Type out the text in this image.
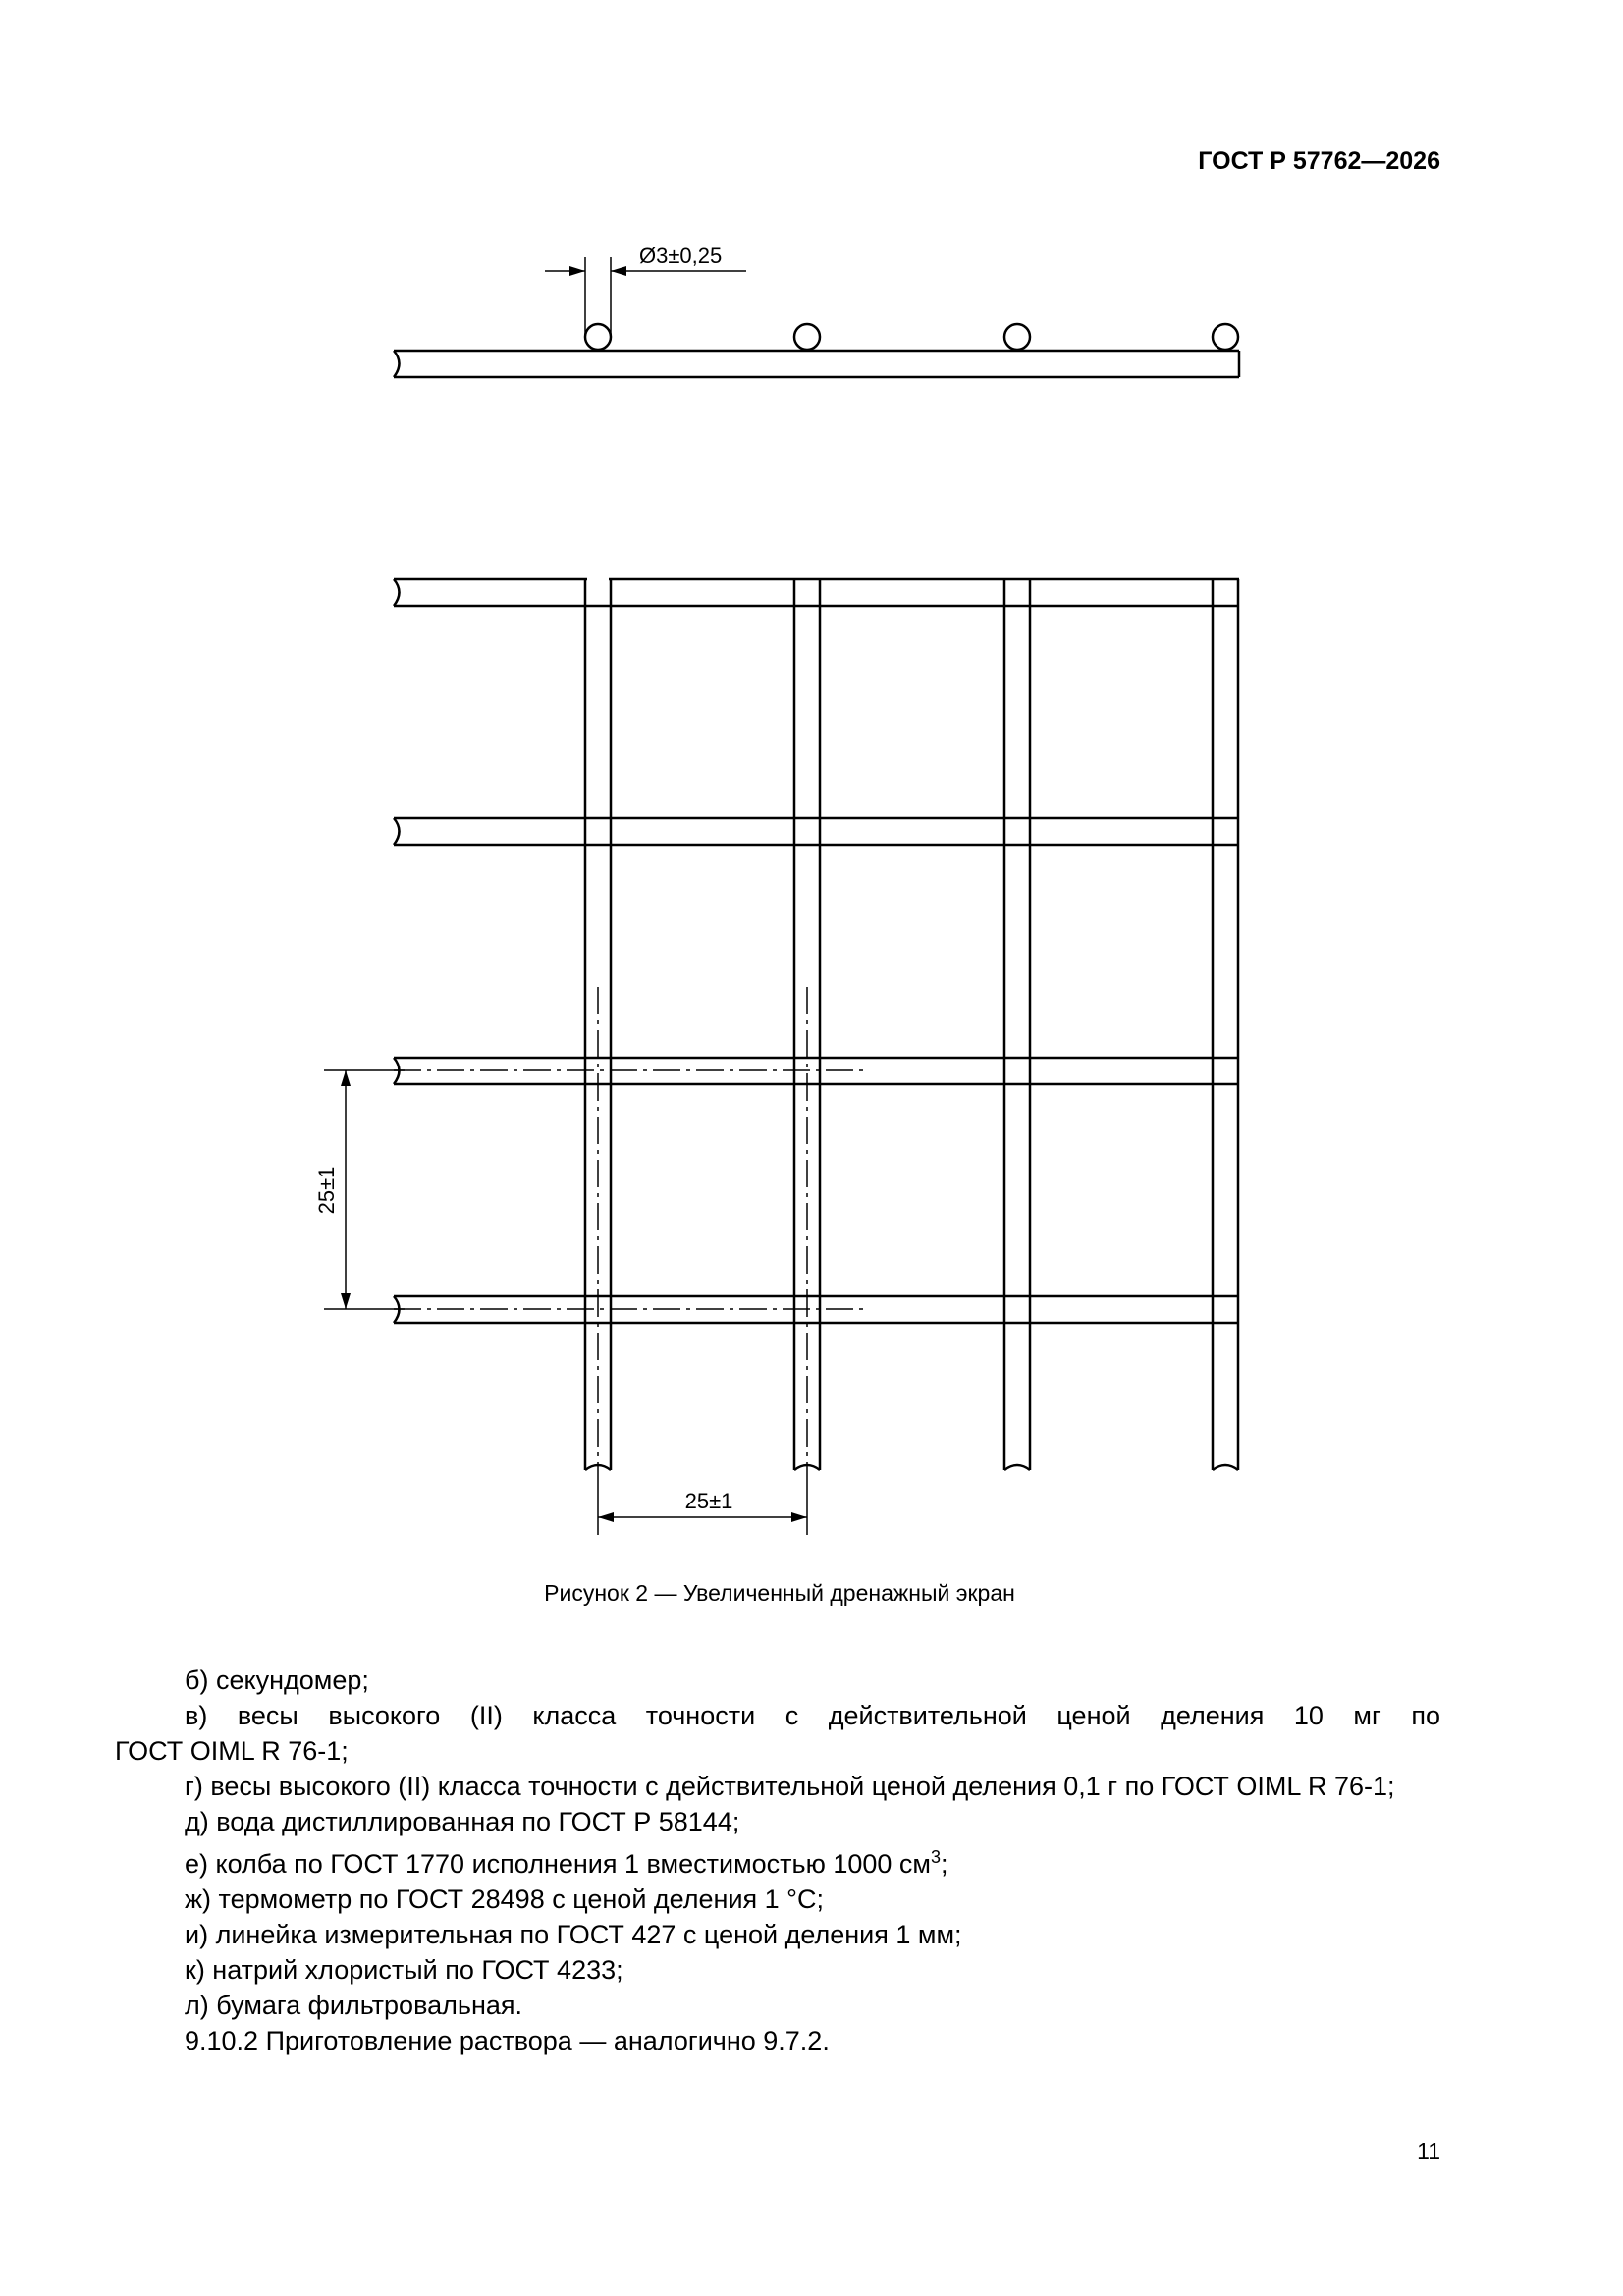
ГОСТ Р 57762—2026
Ø3±0,25
25±1
25±1
Рисунок 2 — Увеличенный дренажный экран
б) секундомер;
в) весы высокого (II) класса точности с действительной ценой деления 10 мг по
ГОСТ OIML R 76-1;
г) весы высокого (II) класса точности с действительной ценой деления 0,1 г по ГОСТ OIML R 76-1;
д) вода дистиллированная по ГОСТ Р 58144;
е) колба по ГОСТ 1770 исполнения 1 вместимостью 1000 $см^3$;
ж) термометр по ГОСТ 28498 с ценой деления 1 °С;
и) линейка измерительная по ГОСТ 427 с ценой деления 1 мм;
к) натрий хлористый по ГОСТ 4233;
л) бумага фильтровальная.
9.10.2 Приготовление раствора — аналогично 9.7.2.
11
